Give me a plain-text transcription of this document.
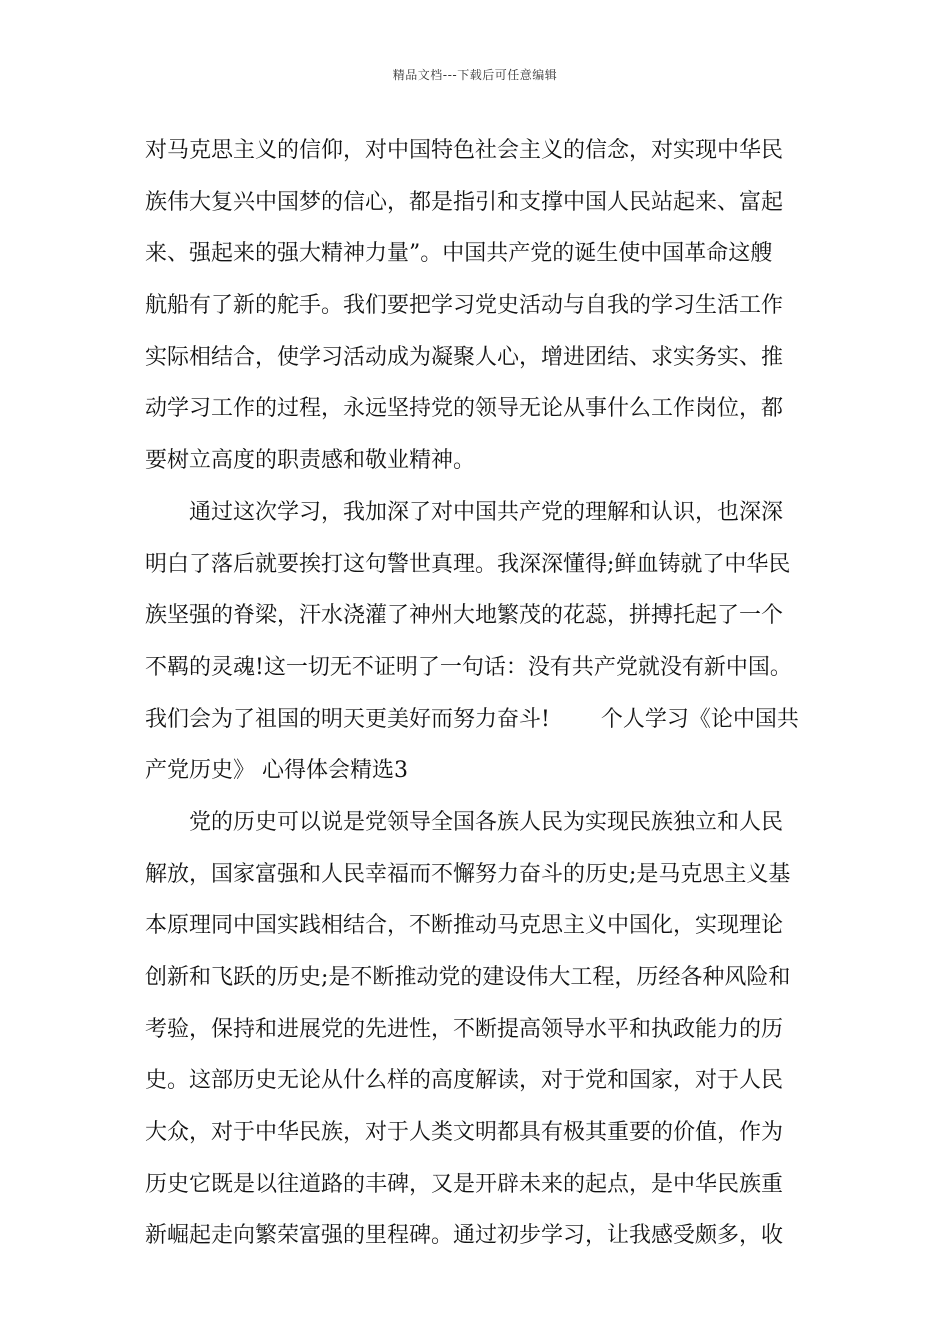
精品文档---下载后可任意编辑
对马克思主义的信仰，对中国特色社会主义的信念，对实现中华民
族伟大复兴中国梦的信心，都是指引和支撑中国人民站起来、富起
来、强起来的强大精神力量”。中国共产党的诞生使中国革命这艘
航船有了新的舵手。我们要把学习党史活动与自我的学习生活工作
实际相结合，使学习活动成为凝聚人心，增进团结、求实务实、推
动学习工作的过程，永远坚持党的领导无论从事什么工作岗位，都
要树立高度的职责感和敬业精神。
　　通过这次学习，我加深了对中国共产党的理解和认识，也深深
明白了落后就要挨打这句警世真理。我深深懂得;鲜血铸就了中华民
族坚强的脊梁，汗水浇灌了神州大地繁茂的花蕊，拼搏托起了一个
不羁的灵魂!这一切无不证明了一句话：没有共产党就没有新中国。
我们会为了祖国的明天更美好而努力奋斗!　　 个人学习《论中国共
产党历史》 心得体会精选3
　　党的历史可以说是党领导全国各族人民为实现民族独立和人民
解放，国家富强和人民幸福而不懈努力奋斗的历史;是马克思主义基
本原理同中国实践相结合，不断推动马克思主义中国化，实现理论
创新和飞跃的历史;是不断推动党的建设伟大工程，历经各种风险和
考验，保持和进展党的先进性，不断提高领导水平和执政能力的历
史。这部历史无论从什么样的高度解读，对于党和国家，对于人民
大众，对于中华民族，对于人类文明都具有极其重要的价值，作为
历史它既是以往道路的丰碑，又是开辟未来的起点，是中华民族重
新崛起走向繁荣富强的里程碑。通过初步学习，让我感受颇多，收
